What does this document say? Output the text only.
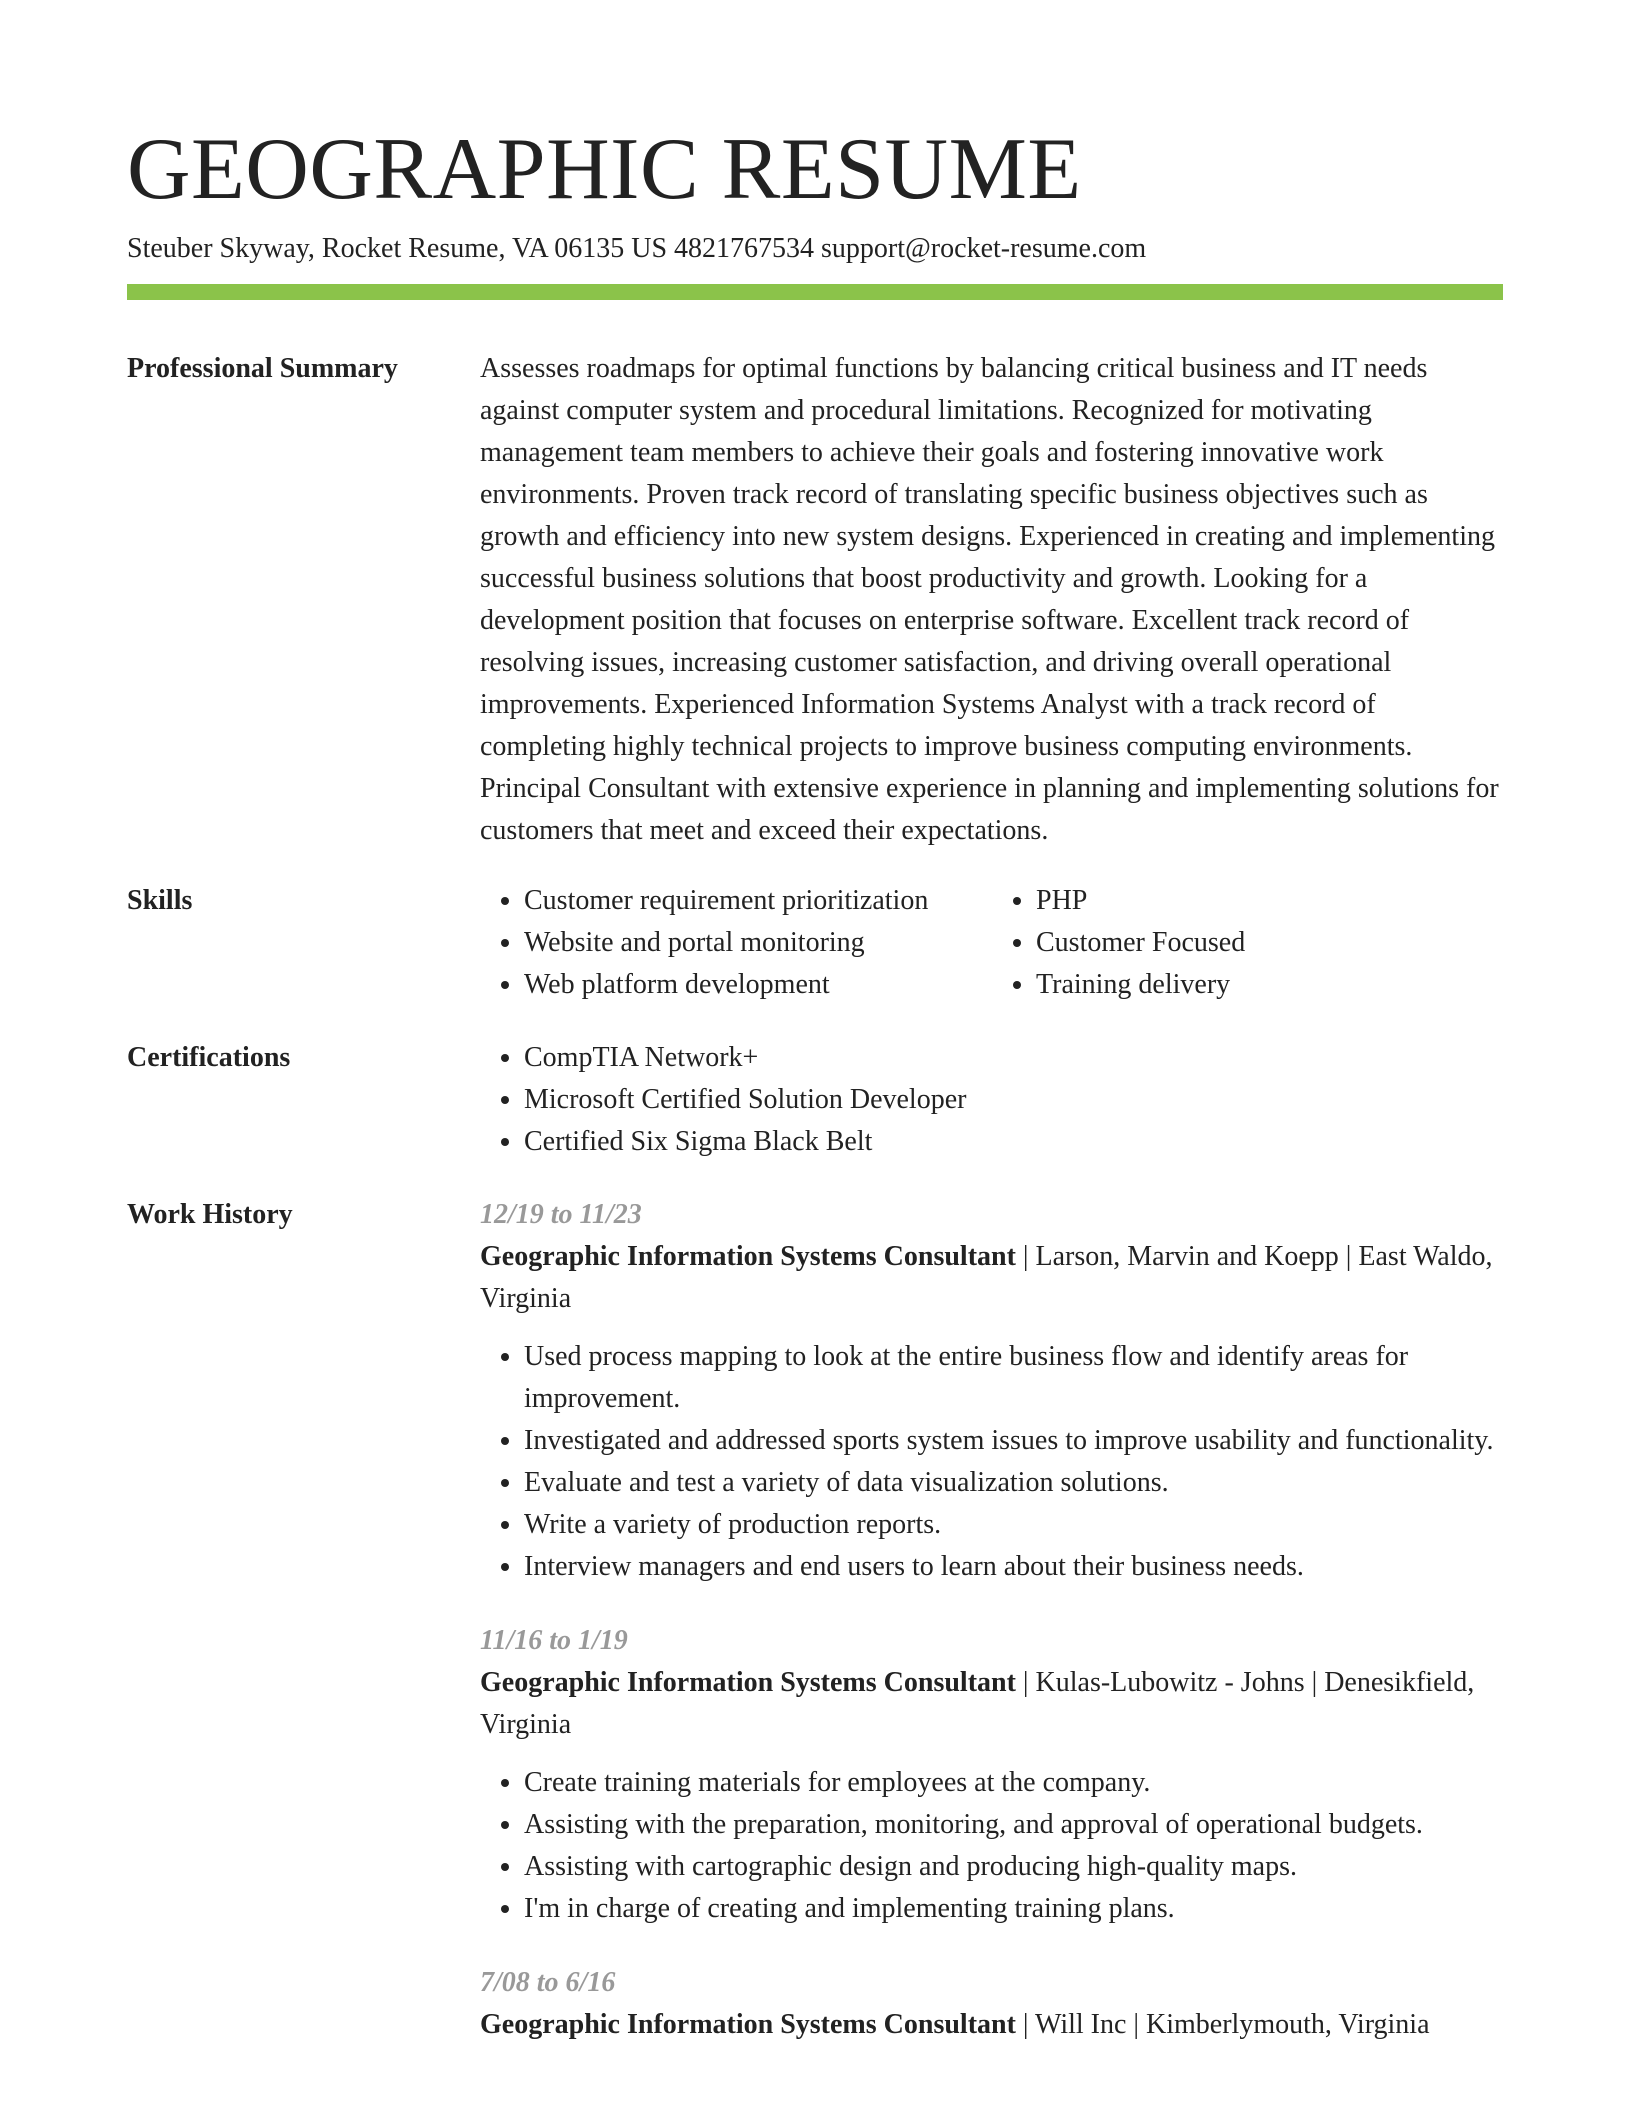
GEOGRAPHIC RESUME
Steuber Skyway, Rocket Resume, VA 06135 US 4821767534 support@rocket-resume.com
Professional Summary	Assesses roadmaps for optimal functions by balancing critical business and IT needs against computer system and procedural limitations. Recognized for motivating management team members to achieve their goals and fostering innovative work environments. Proven track record of translating specific business objectives such as growth and efficiency into new system designs. Experienced in creating and implementing successful business solutions that boost productivity and growth. Looking for a development position that focuses on enterprise software. Excellent track record of resolving issues, increasing customer satisfaction, and driving overall operational improvements. Experienced Information Systems Analyst with a track record of completing highly technical projects to improve business computing environments. Principal Consultant with extensive experience in planning and implementing solutions for customers that meet and exceed their expectations.

Skills	• Customer requirement prioritization
• Website and portal monitoring
• Web platform development
• PHP
• Customer Focused
• Training delivery
Certifications	• CompTIA Network+
• Microsoft Certified Solution Developer
• Certified Six Sigma Black Belt
Work History	12/19 to 11/23
Geographic Information Systems Consultant | Larson, Marvin and Koepp | East Waldo, Virginia
• Used process mapping to look at the entire business flow and identify areas for improvement.
• Investigated and addressed sports system issues to improve usability and functionality.
• Evaluate and test a variety of data visualization solutions.
• Write a variety of production reports.
• Interview managers and end users to learn about their business needs.
11/16 to 1/19
Geographic Information Systems Consultant | Kulas-Lubowitz - Johns | Denesikfield, Virginia
• Create training materials for employees at the company.
• Assisting with the preparation, monitoring, and approval of operational budgets.
• Assisting with cartographic design and producing high-quality maps.
• I'm in charge of creating and implementing training plans.
7/08 to 6/16
Geographic Information Systems Consultant | Will Inc | Kimberlymouth, Virginia
